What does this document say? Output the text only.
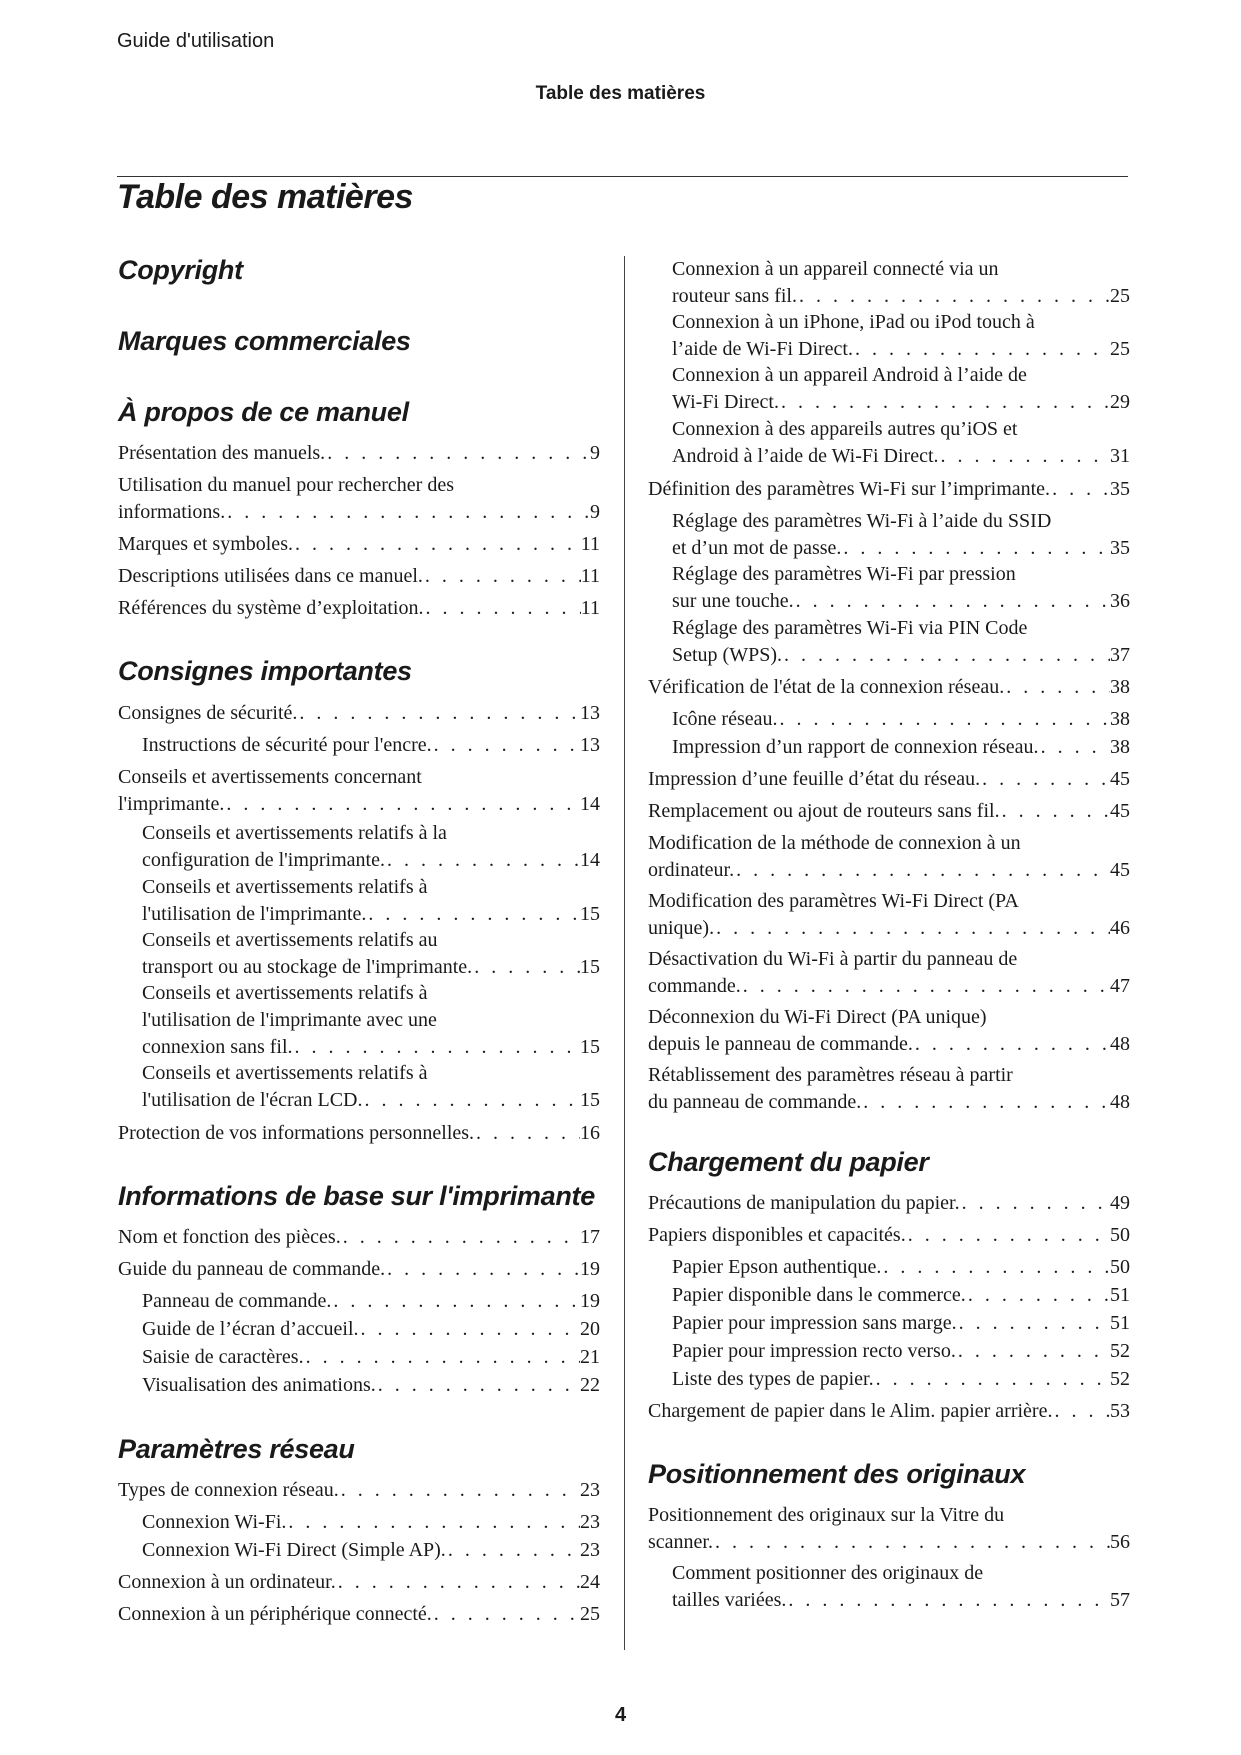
Guide d'utilisation
Table des matières
Table des matières
Copyright
Marques commerciales
À propos de ce manuel
Présentation des manuels. . . .	9
Utilisation du manuel pour rechercher des
informations. . . .	9
Marques et symboles. . . .	11
Descriptions utilisées dans ce manuel. . . .	11
Références du système d’exploitation. . . .	11
Consignes importantes
Consignes de sécurité. . . .	13
Instructions de sécurité pour l'encre. . . .	13
Conseils et avertissements concernant
l'imprimante. . . .	14
Conseils et avertissements relatifs à la
configuration de l'imprimante. . . .	14
Conseils et avertissements relatifs à
l'utilisation de l'imprimante. . . .	15
Conseils et avertissements relatifs au
transport ou au stockage de l'imprimante. . . .	15
Conseils et avertissements relatifs à
l'utilisation de l'imprimante avec une
connexion sans fil. . . .	15
Conseils et avertissements relatifs à
l'utilisation de l'écran LCD. . . .	15
Protection de vos informations personnelles. . . .	16
Informations de base sur l'imprimante
Nom et fonction des pièces. . . .	17
Guide du panneau de commande. . . .	19
Panneau de commande. . . .	19
Guide de l’écran d’accueil. . . .	20
Saisie de caractères. . . .	21
Visualisation des animations. . . .	22
Paramètres réseau
Types de connexion réseau. . . .	23
Connexion Wi-Fi. . . .	23
Connexion Wi-Fi Direct (Simple AP). . . .	23
Connexion à un ordinateur. . . .	24
Connexion à un périphérique connecté. . . .	25
Connexion à un appareil connecté via un
routeur sans fil. . . .	25
Connexion à un iPhone, iPad ou iPod touch à
l’aide de Wi-Fi Direct. . . .	25
Connexion à un appareil Android à l’aide de
Wi-Fi Direct. . . .	29
Connexion à des appareils autres qu’iOS et
Android à l’aide de Wi-Fi Direct. . . .	31
Définition des paramètres Wi-Fi sur l’imprimante. . . .	35
Réglage des paramètres Wi-Fi à l’aide du SSID
et d’un mot de passe. . . .	35
Réglage des paramètres Wi-Fi par pression
sur une touche. . . .	36
Réglage des paramètres Wi-Fi via PIN Code
Setup (WPS). . . .	37
Vérification de l'état de la connexion réseau. . . .	38
Icône réseau. . . .	38
Impression d’un rapport de connexion réseau. . . .	38
Impression d’une feuille d’état du réseau. . . .	45
Remplacement ou ajout de routeurs sans fil. . . .	45
Modification de la méthode de connexion à un
ordinateur. . . .	45
Modification des paramètres Wi-Fi Direct (PA
unique). . . .	46
Désactivation du Wi-Fi à partir du panneau de
commande. . . .	47
Déconnexion du Wi-Fi Direct (PA unique)
depuis le panneau de commande. . . .	48
Rétablissement des paramètres réseau à partir
du panneau de commande. . . .	48
Chargement du papier
Précautions de manipulation du papier. . . .	49
Papiers disponibles et capacités. . . .	50
Papier Epson authentique. . . .	50
Papier disponible dans le commerce. . . .	51
Papier pour impression sans marge. . . .	51
Papier pour impression recto verso. . . .	52
Liste des types de papier. . . .	52
Chargement de papier dans le Alim. papier arrière. . . .	53
Positionnement des originaux
Positionnement des originaux sur la Vitre du
scanner. . . .	56
Comment positionner des originaux de
tailles variées. . . .	57
4
